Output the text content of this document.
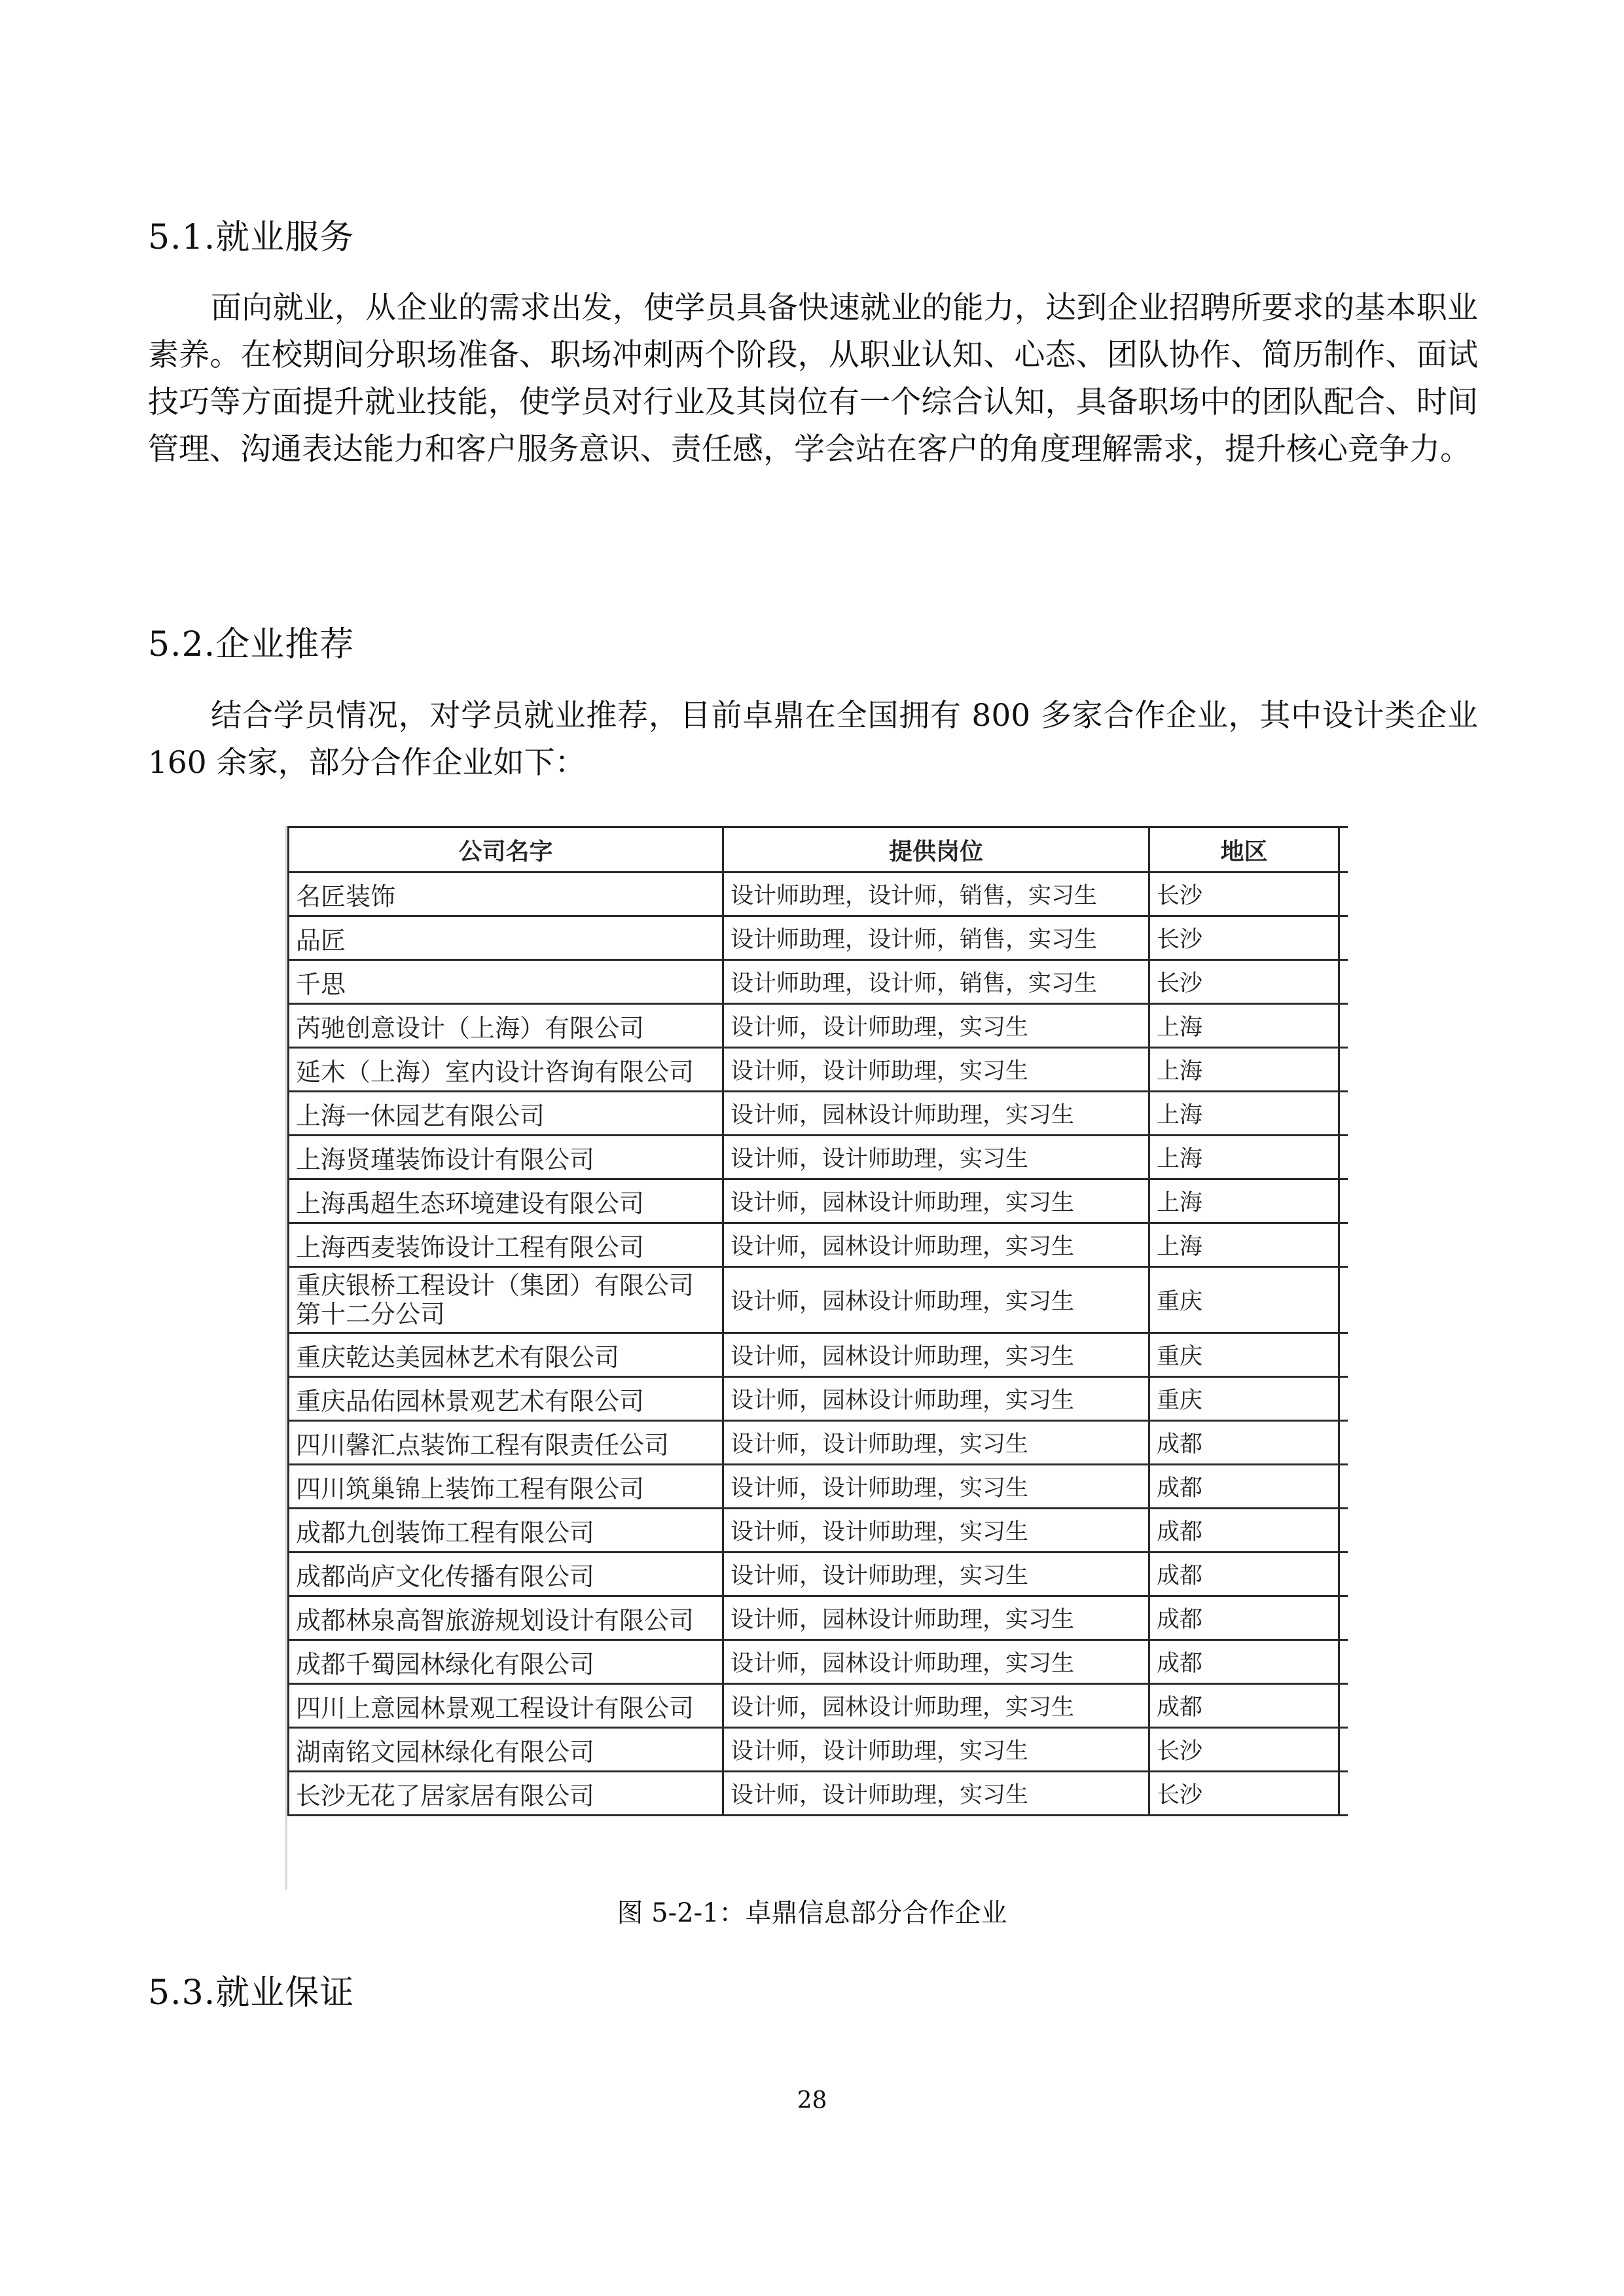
5.1.就业服务

面向就业，从企业的需求出发，使学员具备快速就业的能力，达到企业招聘所要求的基本职业素养。在校期间分职场准备、职场冲刺两个阶段，从职业认知、心态、团队协作、简历制作、面试技巧等方面提升就业技能，使学员对行业及其岗位有一个综合认知，具备职场中的团队配合、时间管理、沟通表达能力和客户服务意识、责任感，学会站在客户的角度理解需求，提升核心竞争力。

5.2.企业推荐

结合学员情况，对学员就业推荐，目前卓鼎在全国拥有 800 多家合作企业，其中设计类企业 160 余家，部分合作企业如下：

公司名字	提供岗位	地区	
名匠装饰	设计师助理，设计师，销售，实习生	长沙	
品匠	设计师助理，设计师，销售，实习生	长沙	
千思	设计师助理，设计师，销售，实习生	长沙	
芮驰创意设计（上海）有限公司	设计师，设计师助理，实习生	上海	
延木（上海）室内设计咨询有限公司	设计师，设计师助理，实习生	上海	
上海一休园艺有限公司	设计师，园林设计师助理，实习生	上海	
上海贤瑾装饰设计有限公司	设计师，设计师助理，实习生	上海	
上海禹超生态环境建设有限公司	设计师，园林设计师助理，实习生	上海	
上海西麦装饰设计工程有限公司	设计师，园林设计师助理，实习生	上海	
重庆银桥工程设计（集团）有限公司第十二分公司	设计师，园林设计师助理，实习生	重庆	
重庆乾达美园林艺术有限公司	设计师，园林设计师助理，实习生	重庆	
重庆品佑园林景观艺术有限公司	设计师，园林设计师助理，实习生	重庆	
四川馨汇点装饰工程有限责任公司	设计师，设计师助理，实习生	成都	
四川筑巢锦上装饰工程有限公司	设计师，设计师助理，实习生	成都	
成都九创装饰工程有限公司	设计师，设计师助理，实习生	成都	
成都尚庐文化传播有限公司	设计师，设计师助理，实习生	成都	
成都林泉高智旅游规划设计有限公司	设计师，园林设计师助理，实习生	成都	
成都千蜀园林绿化有限公司	设计师，园林设计师助理，实习生	成都	
四川上意园林景观工程设计有限公司	设计师，园林设计师助理，实习生	成都	
湖南铭文园林绿化有限公司	设计师，设计师助理，实习生	长沙	
长沙无花了居家居有限公司	设计师，设计师助理，实习生	长沙	
图 5-2-1：卓鼎信息部分合作企业
5.3.就业保证
28
